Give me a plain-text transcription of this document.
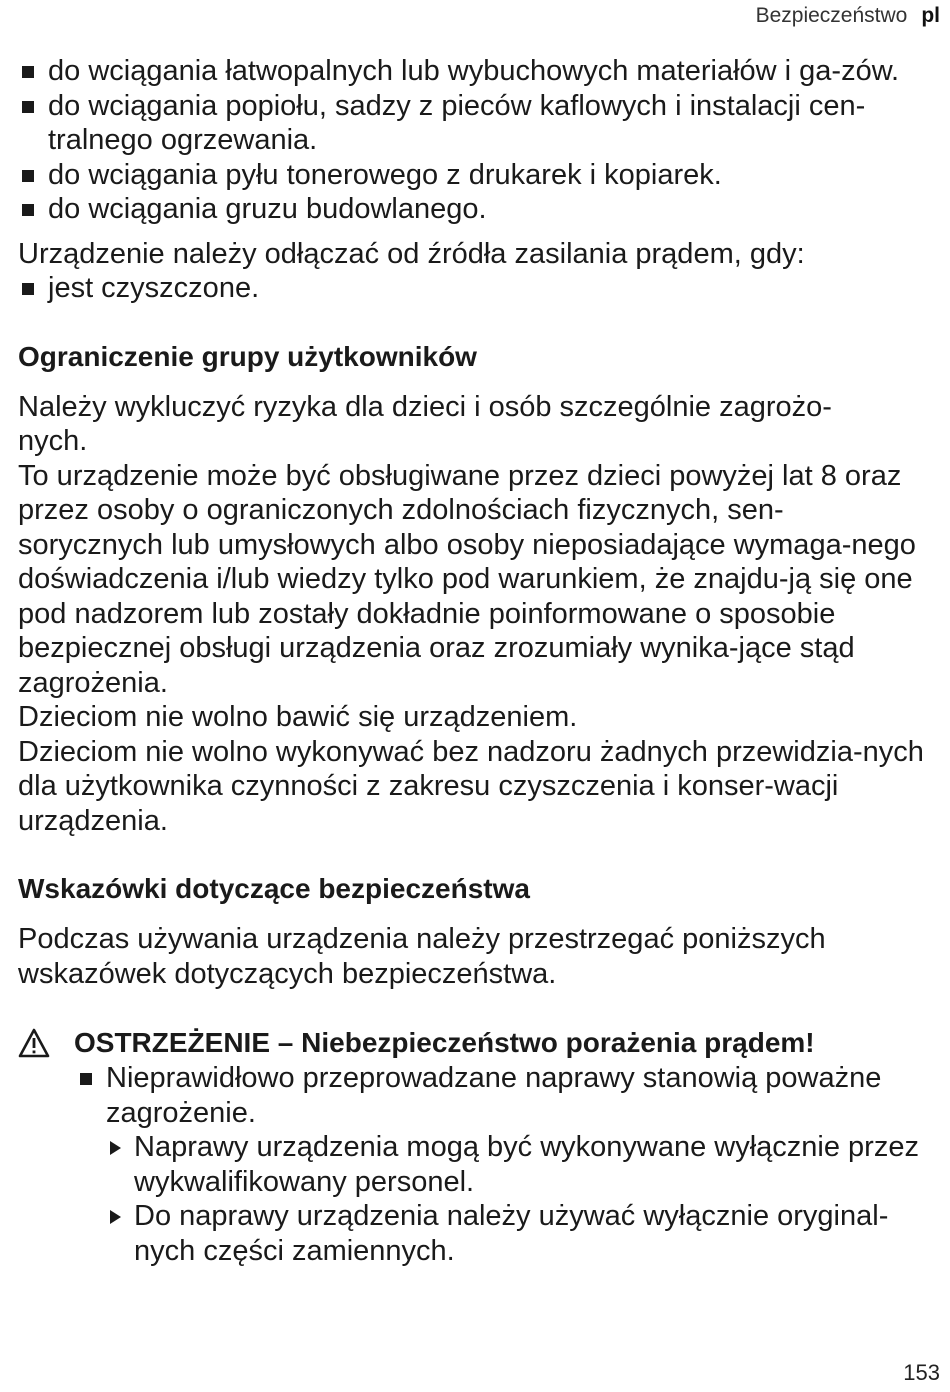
Bezpieczeństwo pl
do wciągania łatwopalnych lub wybuchowych materiałów i ga-zów.
do wciągania popiołu, sadzy z pieców kaflowych i instalacji cen-tralnego ogrzewania.
do wciągania pyłu tonerowego z drukarek i kopiarek.
do wciągania gruzu budowlanego.

Urządzenie należy odłączać od źródła zasilania prądem, gdy:

jest czyszczone.
Ograniczenie grupy użytkowników

Należy wykluczyć ryzyka dla dzieci i osób szczególnie zagrożo-nych.

To urządzenie może być obsługiwane przez dzieci powyżej lat 8 oraz przez osoby o ograniczonych zdolnościach fizycznych, sen-sorycznych lub umysłowych albo osoby nieposiadające wymaga-nego doświadczenia i/lub wiedzy tylko pod warunkiem, że znajdu-ją się one pod nadzorem lub zostały dokładnie poinformowane o sposobie bezpiecznej obsługi urządzenia oraz zrozumiały wynika-jące stąd zagrożenia.

Dzieciom nie wolno bawić się urządzeniem.

Dzieciom nie wolno wykonywać bez nadzoru żadnych przewidzia-nych dla użytkownika czynności z zakresu czyszczenia i konser-wacji urządzenia.

Wskazówki dotyczące bezpieczeństwa

Podczas używania urządzenia należy przestrzegać poniższych wskazówek dotyczących bezpieczeństwa.

OSTRZEŻENIE – Niebezpieczeństwo porażenia prądem!
Nieprawidłowo przeprowadzane naprawy stanowią poważne zagrożenie.
Naprawy urządzenia mogą być wykonywane wyłącznie przez wykwalifikowany personel.
Do naprawy urządzenia należy używać wyłącznie oryginal-nych części zamiennych.
153
